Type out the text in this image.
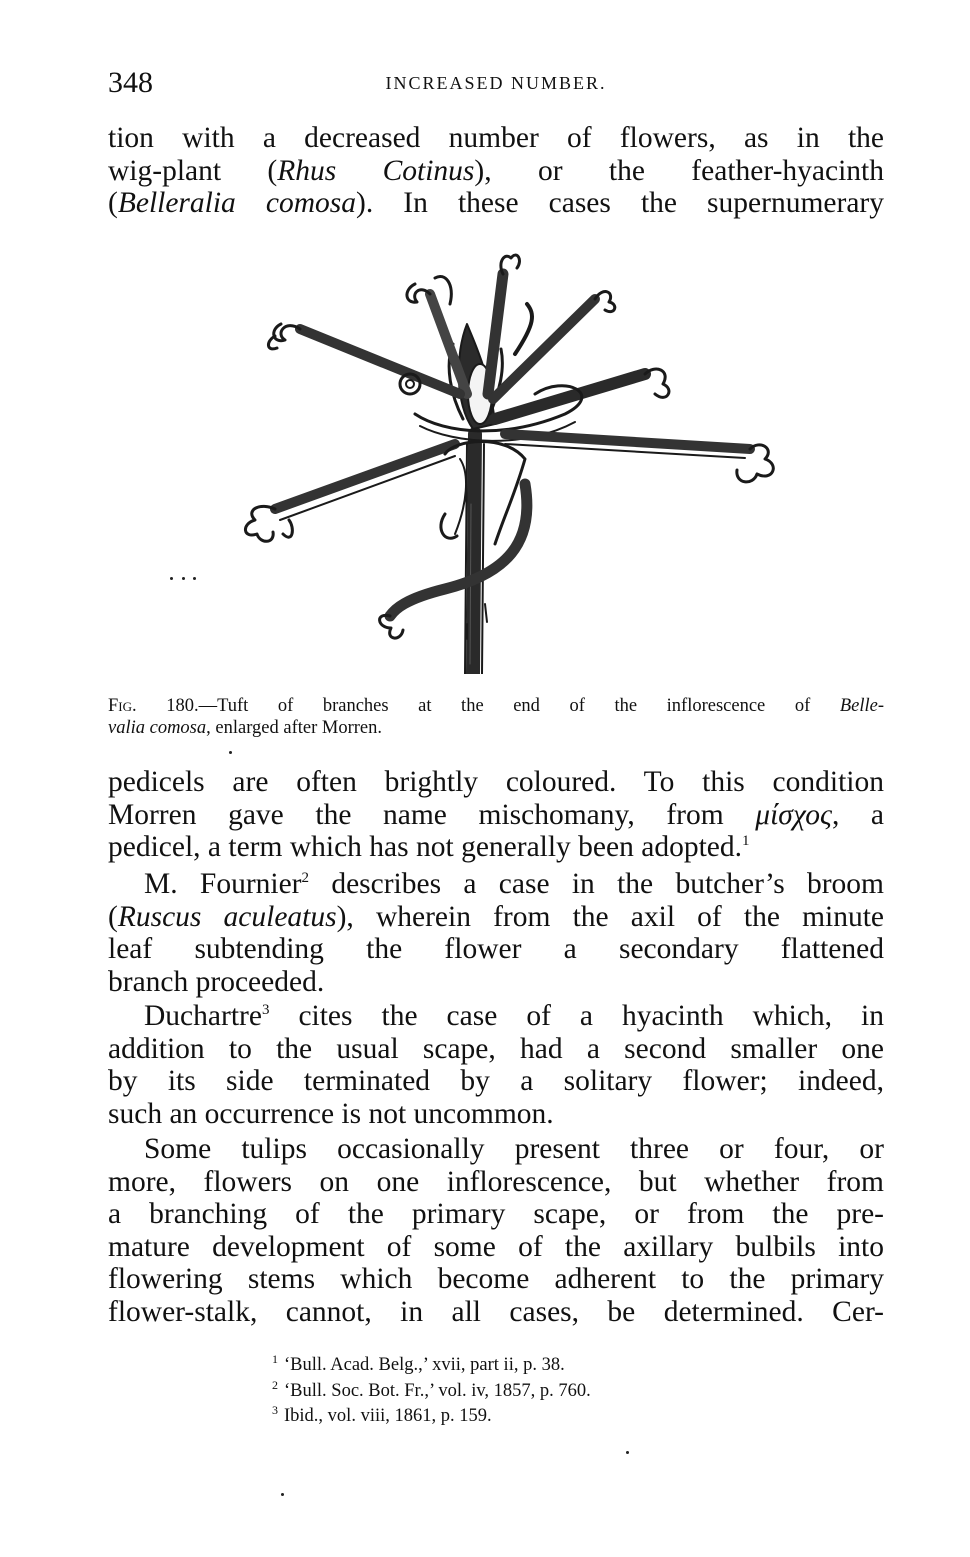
348	INCREASED NUMBER.

tion with a decreased number of flowers, as in the
wig-plant (Rhus Cotinus), or the feather-hyacinth
(Belleralia comosa). In these cases the supernumerary

Fig. 180.—Tuft of branches at the end of the inflorescence of Belle-
valia comosa, enlarged after Morren.

pedicels are often brightly coloured. To this condition
Morren gave the name mischomany, from μίσχος, a
pedicel, a term which has not generally been adopted.$^1$

M. Fournier$^2$ describes a case in the butcher’s broom
(Ruscus aculeatus), wherein from the axil of the minute
leaf subtending the flower a secondary flattened
branch proceeded.

Duchartre$^3$ cites the case of a hyacinth which, in
addition to the usual scape, had a second smaller one
by its side terminated by a solitary flower; indeed,
such an occurrence is not uncommon.

Some tulips occasionally present three or four, or
more, flowers on one inflorescence, but whether from
a branching of the primary scape, or from the pre-
mature development of some of the axillary bulbils into
flowering stems which become adherent to the primary
flower-stalk, cannot, in all cases, be determined. Cer-

$^1$ ‘Bull. Acad. Belg.,’ xvii, part ii, p. 38.
$^2$ ‘Bull. Soc. Bot. Fr.,’ vol. iv, 1857, p. 760.
$^3$ Ibid., vol. viii, 1861, p. 159.
